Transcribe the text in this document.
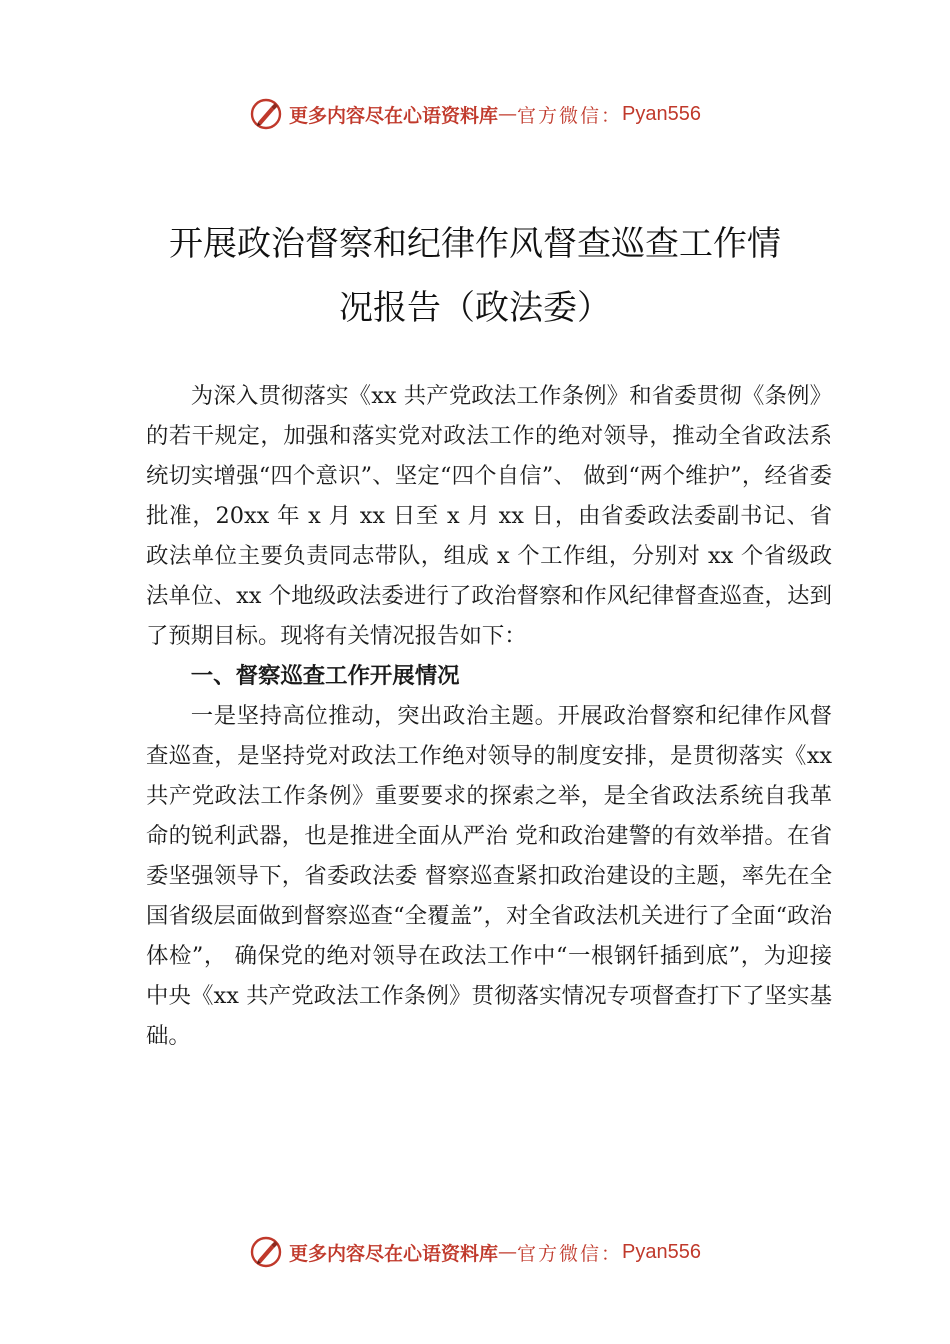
更多内容尽在心语资料库 — 官方微信： Pyan556
开展政治督察和纪律作风督查巡查工作情
况报告（政法委）

为深入贯彻落实《xx 共产党政法工作条例》和省委贯彻《条例》的若干规定，加强和落实党对政法工作的绝对领导，推动全省政法系统切实增强“四个意识”、坚定“四个自信”、 做到“两个维护”，经省委批准，20xx 年 x 月 xx 日至 x 月 xx 日，由省委政法委副书记、省政法单位主要负责同志带队，组成 x 个工作组，分别对 xx 个省级政法单位、xx 个地级政法委进行了政治督察和作风纪律督查巡查，达到了预期目标。现将有关情况报告如下：

一、督察巡查工作开展情况

一是坚持高位推动，突出政治主题。开展政治督察和纪律作风督查巡查，是坚持党对政法工作绝对领导的制度安排，是贯彻落实《xx 共产党政法工作条例》重要要求的探索之举，是全省政法系统自我革命的锐利武器，也是推进全面从严治 党和政治建警的有效举措。在省委坚强领导下，省委政法委 督察巡查紧扣政治建设的主题，率先在全国省级层面做到督察巡查“全覆盖”，对全省政法机关进行了全面“政治体检”， 确保党的绝对领导在政法工作中“一根钢钎插到底”，为迎接 中央《xx 共产党政法工作条例》贯彻落实情况专项督查打下了坚实基础。

更多内容尽在心语资料库 — 官方微信： Pyan556
